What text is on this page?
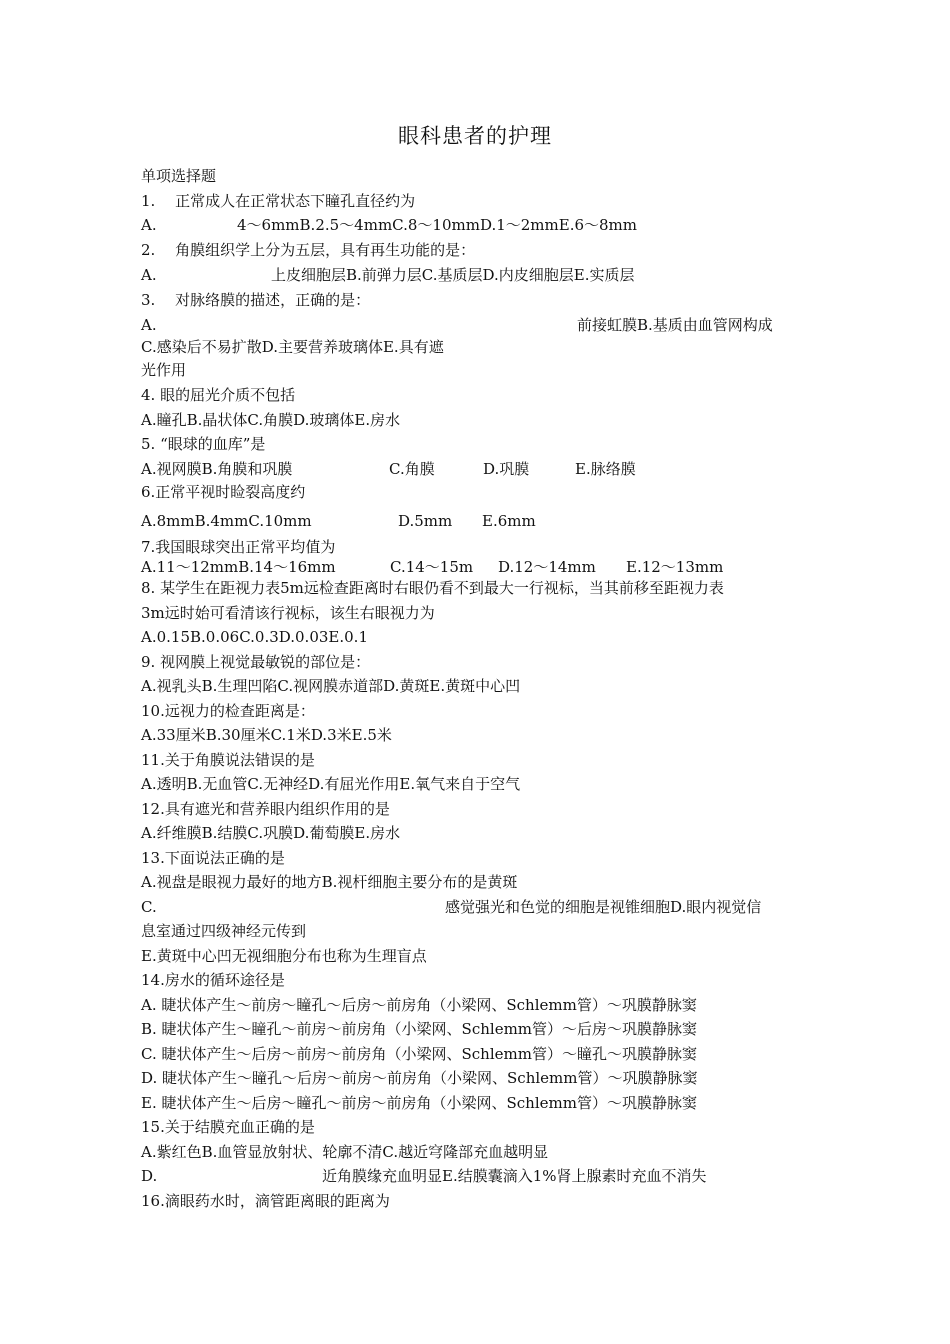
眼科患者的护理
单项选择题
1.　 正常成人在正常状态下瞳孔直径约为
A.	4～6mmB.2.5～4mmC.8～10mmD.1～2mmE.6～8mm
2.　 角膜组织学上分为五层，具有再生功能的是：
A.	上皮细胞层B.前弹力层C.基质层D.内皮细胞层E.实质层
3.　 对脉络膜的描述，正确的是：
A.	前接虹膜B.基质由血管网构成
C.感染后不易扩散D.主要营养玻璃体E.具有遮
光作用
4. 眼的屈光介质不包括
A.瞳孔B.晶状体C.角膜D.玻璃体E.房水
5. “眼球的血库”是
A.视网膜B.角膜和巩膜	C.角膜	D.巩膜	E.脉络膜
6.正常平视时睑裂高度约
A.8mmB.4mmC.10mm	D.5mm E.6mm
7.我国眼球突出正常平均值为
A.11～12mmB.14～16mm	C.14～15m D.12～14mm E.12～13mm
8. 某学生在距视力表5m远检查距离时右眼仍看不到最大一行视标，当其前移至距视力表
3m远时始可看清该行视标，该生右眼视力为
A.0.15B.0.06C.0.3D.0.03E.0.1
9. 视网膜上视觉最敏锐的部位是：
A.视乳头B.生理凹陷C.视网膜赤道部D.黄斑E.黄斑中心凹
10.远视力的检查距离是：
A.33厘米B.30厘米C.1米D.3米E.5米
11.关于角膜说法错误的是
A.透明B.无血管C.无神经D.有屈光作用E.氧气来自于空气
12.具有遮光和营养眼内组织作用的是
A.纤维膜B.结膜C.巩膜D.葡萄膜E.房水
13.下面说法正确的是
A.视盘是眼视力最好的地方B.视杆细胞主要分布的是黄斑
C.	感觉强光和色觉的细胞是视锥细胞D.眼内视觉信
息室通过四级神经元传到
E.黄斑中心凹无视细胞分布也称为生理盲点
14.房水的循环途径是
A. 睫状体产生～前房～瞳孔～后房～前房角（小梁网、Schlemm管）～巩膜静脉窦
B. 睫状体产生～瞳孔～前房～前房角（小梁网、Schlemm管）～后房～巩膜静脉窦
C. 睫状体产生～后房～前房～前房角（小梁网、Schlemm管）～瞳孔～巩膜静脉窦
D. 睫状体产生～瞳孔～后房～前房～前房角（小梁网、Schlemm管）～巩膜静脉窦
E. 睫状体产生～后房～瞳孔～前房～前房角（小梁网、Schlemm管）～巩膜静脉窦
15.关于结膜充血正确的是
A.紫红色B.血管显放射状、轮廓不清C.越近穹隆部充血越明显
D.	近角膜缘充血明显E.结膜囊滴入1%肾上腺素时充血不消失
16.滴眼药水时，滴管距离眼的距离为
